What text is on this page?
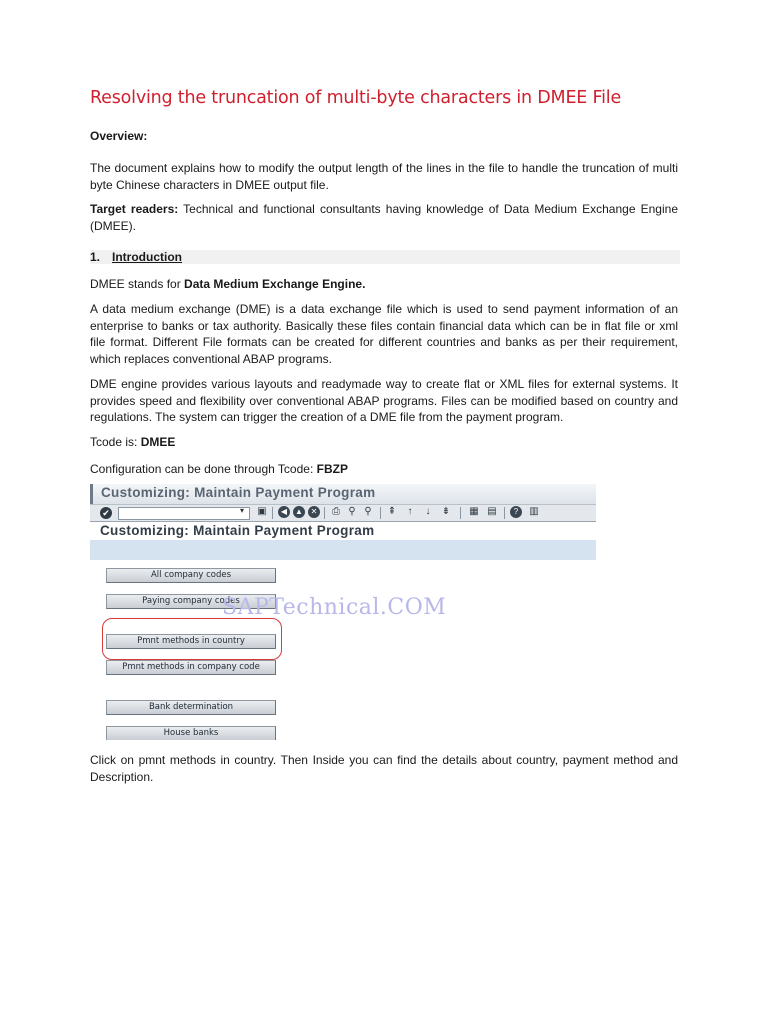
Resolving the truncation of multi-byte characters in DMEE File

Overview:

The document explains how to modify the output length of the lines in the file to handle the truncation of multi byte Chinese characters in DMEE output file.

Target readers: Technical and functional consultants having knowledge of Data Medium Exchange Engine (DMEE).

1. Introduction

DMEE stands for Data Medium Exchange Engine.

A data medium exchange (DME) is a data exchange file which is used to send payment information of an enterprise to banks or tax authority. Basically these files contain financial data which can be in flat file or xml file format. Different File formats can be created for different countries and banks as per their requirement, which replaces conventional ABAP programs.

DME engine provides various layouts and readymade way to create flat or XML files for external systems. It provides speed and flexibility over conventional ABAP programs. Files can be modified based on country and regulations. The system can trigger the creation of a DME file from the payment program.

Tcode is: DMEE

Configuration can be done through Tcode: FBZP

Customizing: Maintain Payment Program
✔	▾ ▣	◀ ▲ ✕ ⎙ ⚲ ⚲ ⇞	↑	↓	⇟ ▦ ▤	?	▥
Customizing: Maintain Payment Program
All company codes
Paying company codes
Pmnt methods in country
Pmnt methods in company code
Bank determination
House banks
SAPTechnical.COM

Click on pmnt methods in country. Then Inside you can find the details about country, payment method and Description.
